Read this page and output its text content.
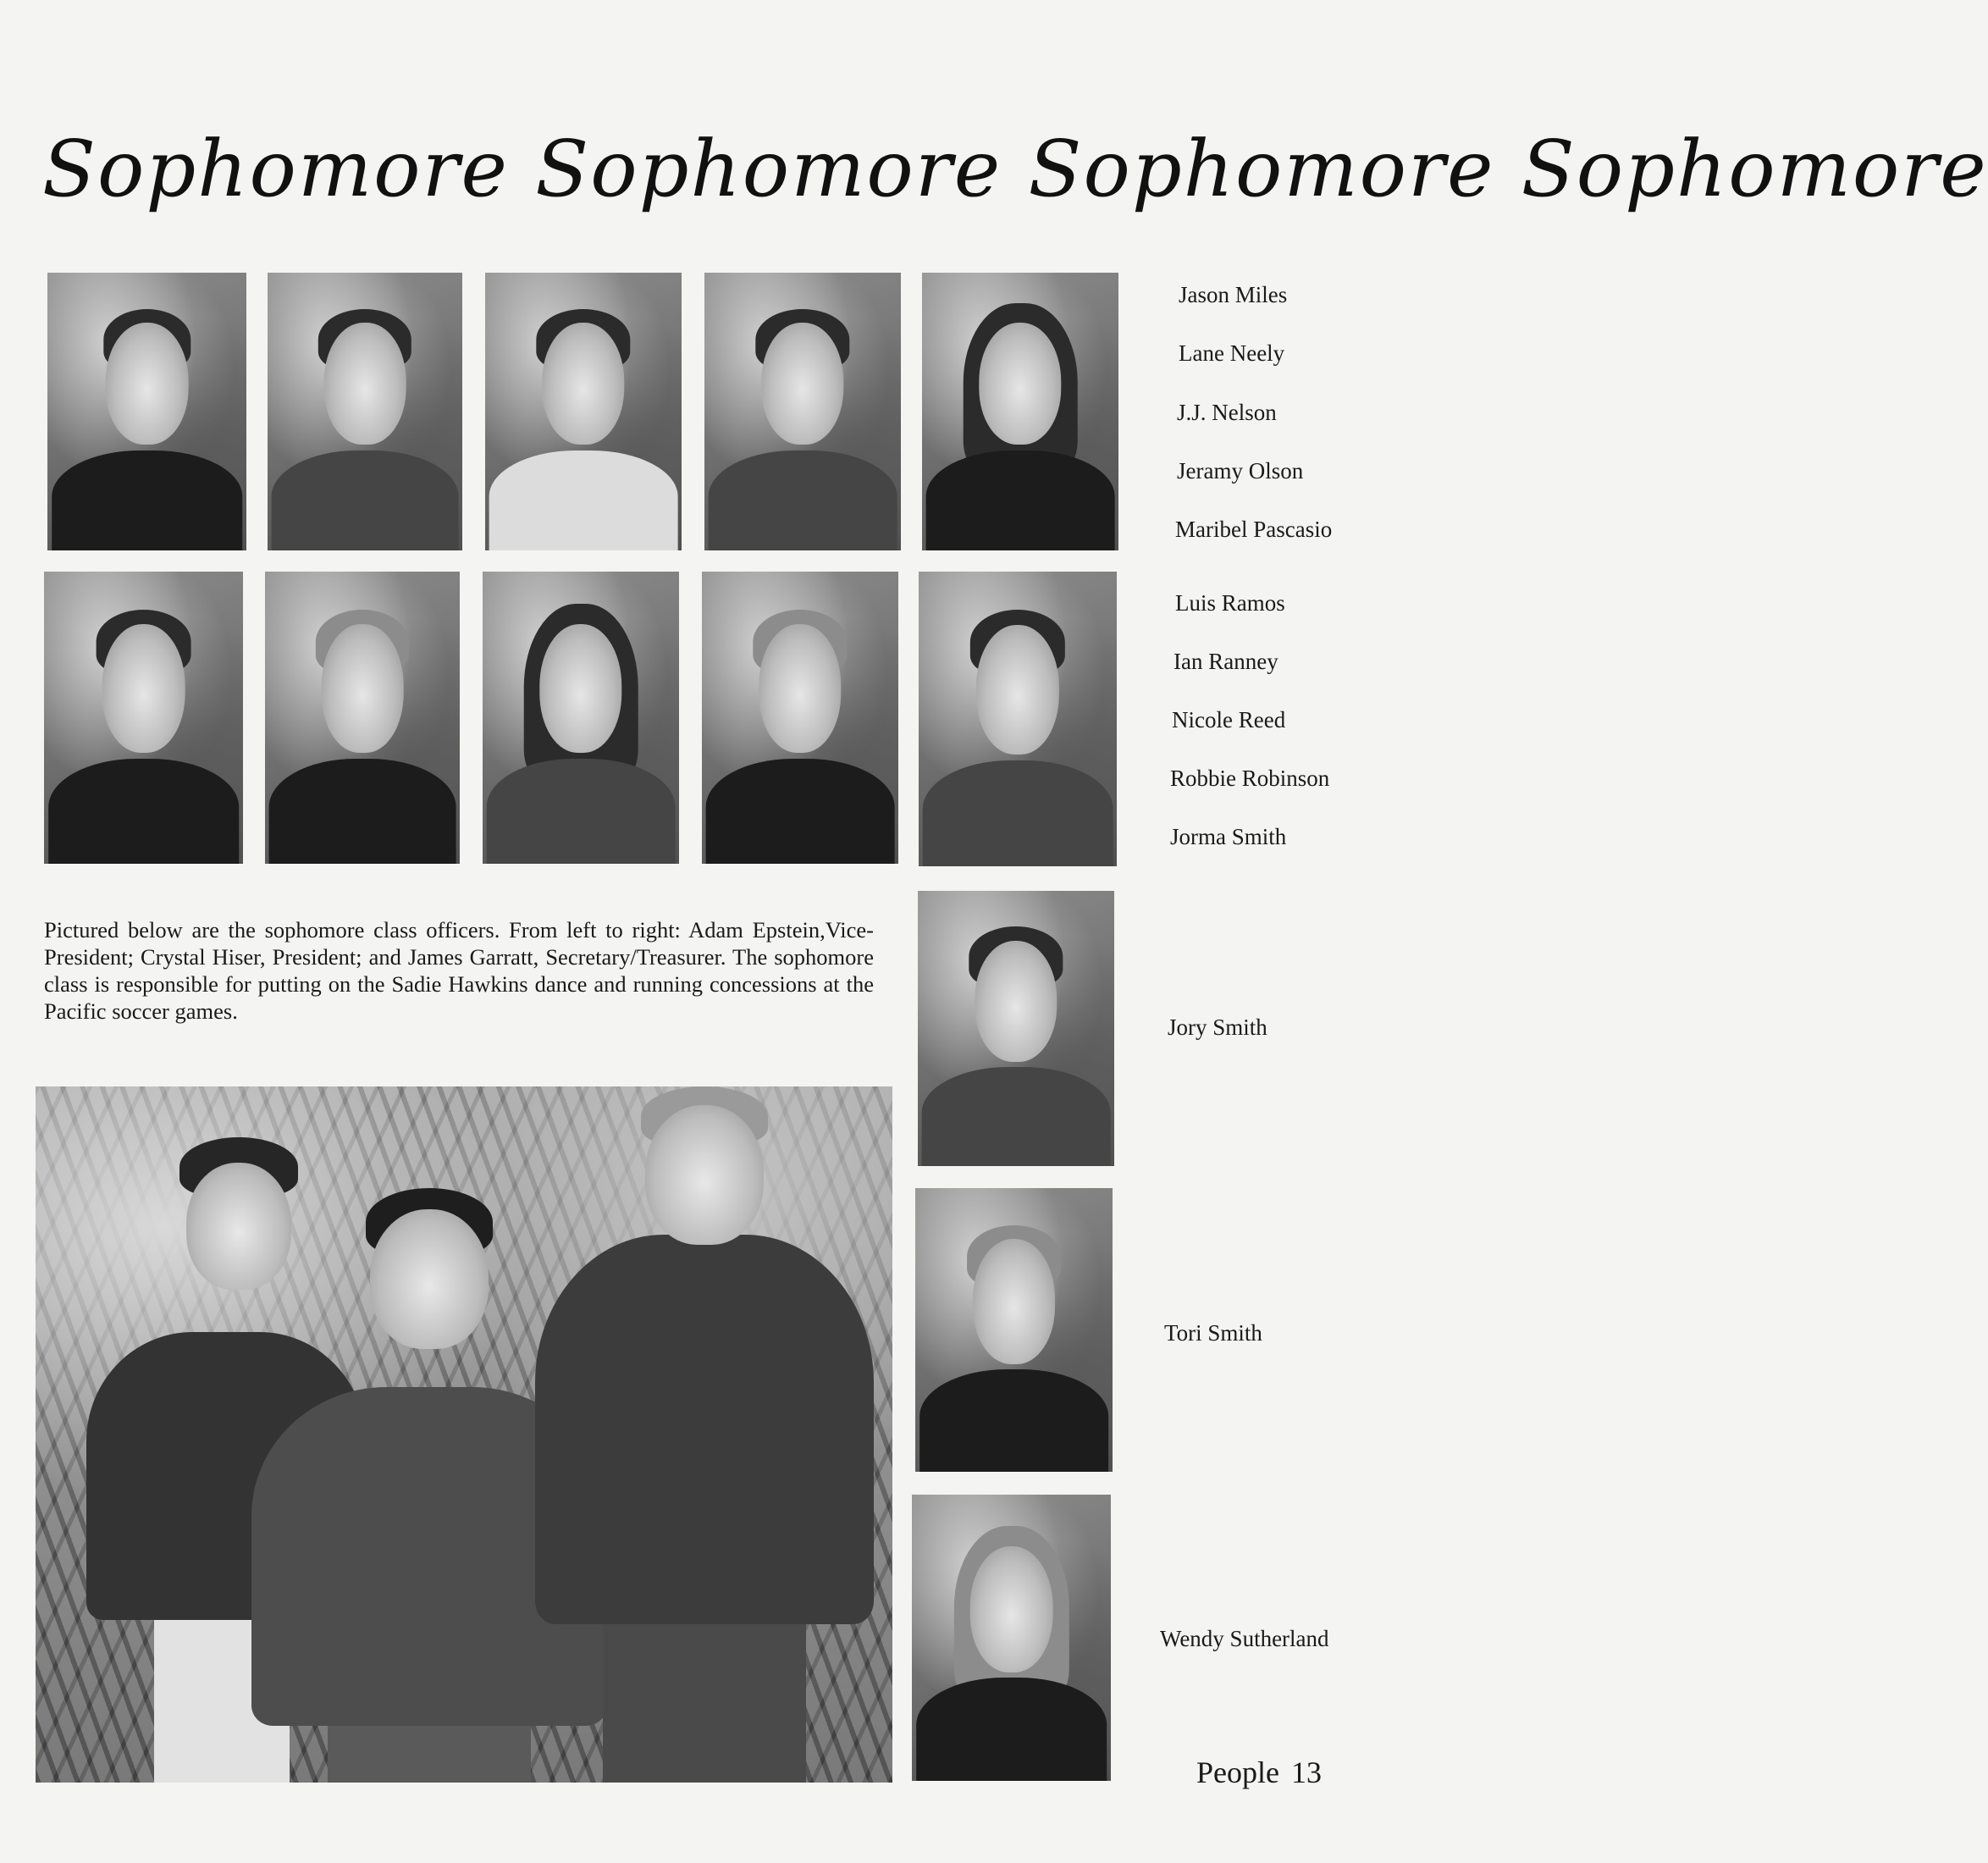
Sophomore Sophomore Sophomore Sophomore
Jason Miles
Lane Neely
J.J. Nelson
Jeramy Olson
Maribel Pascasio
Luis Ramos
Ian Ranney
Nicole Reed
Robbie Robinson
Jorma Smith
Jory Smith
Tori Smith
Wendy Sutherland

Pictured below are the sophomore class officers. From left to right: Adam Epstein,Vice-President; Crystal Hiser, President; and James Garratt, Secretary/Treasurer. The sophomore class is responsible for putting on the Sadie Hawkins dance and running concessions at the Pacific soccer games.

People 13
